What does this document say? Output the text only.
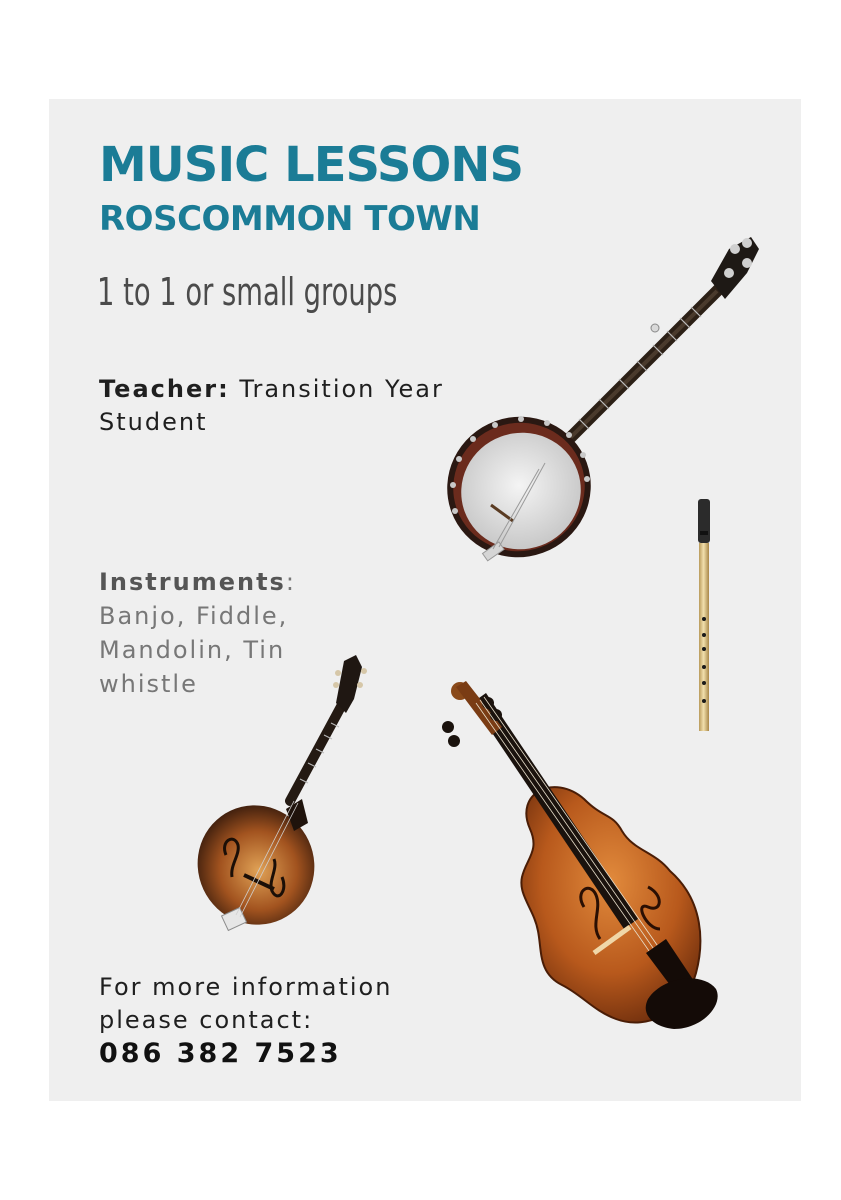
MUSIC LESSONS
ROSCOMMON TOWN
1 to 1 or small groups
Teacher: Transition Year Student
Instruments: Banjo, Fiddle, Mandolin, Tin whistle
For more information please contact:
086 382 7523
